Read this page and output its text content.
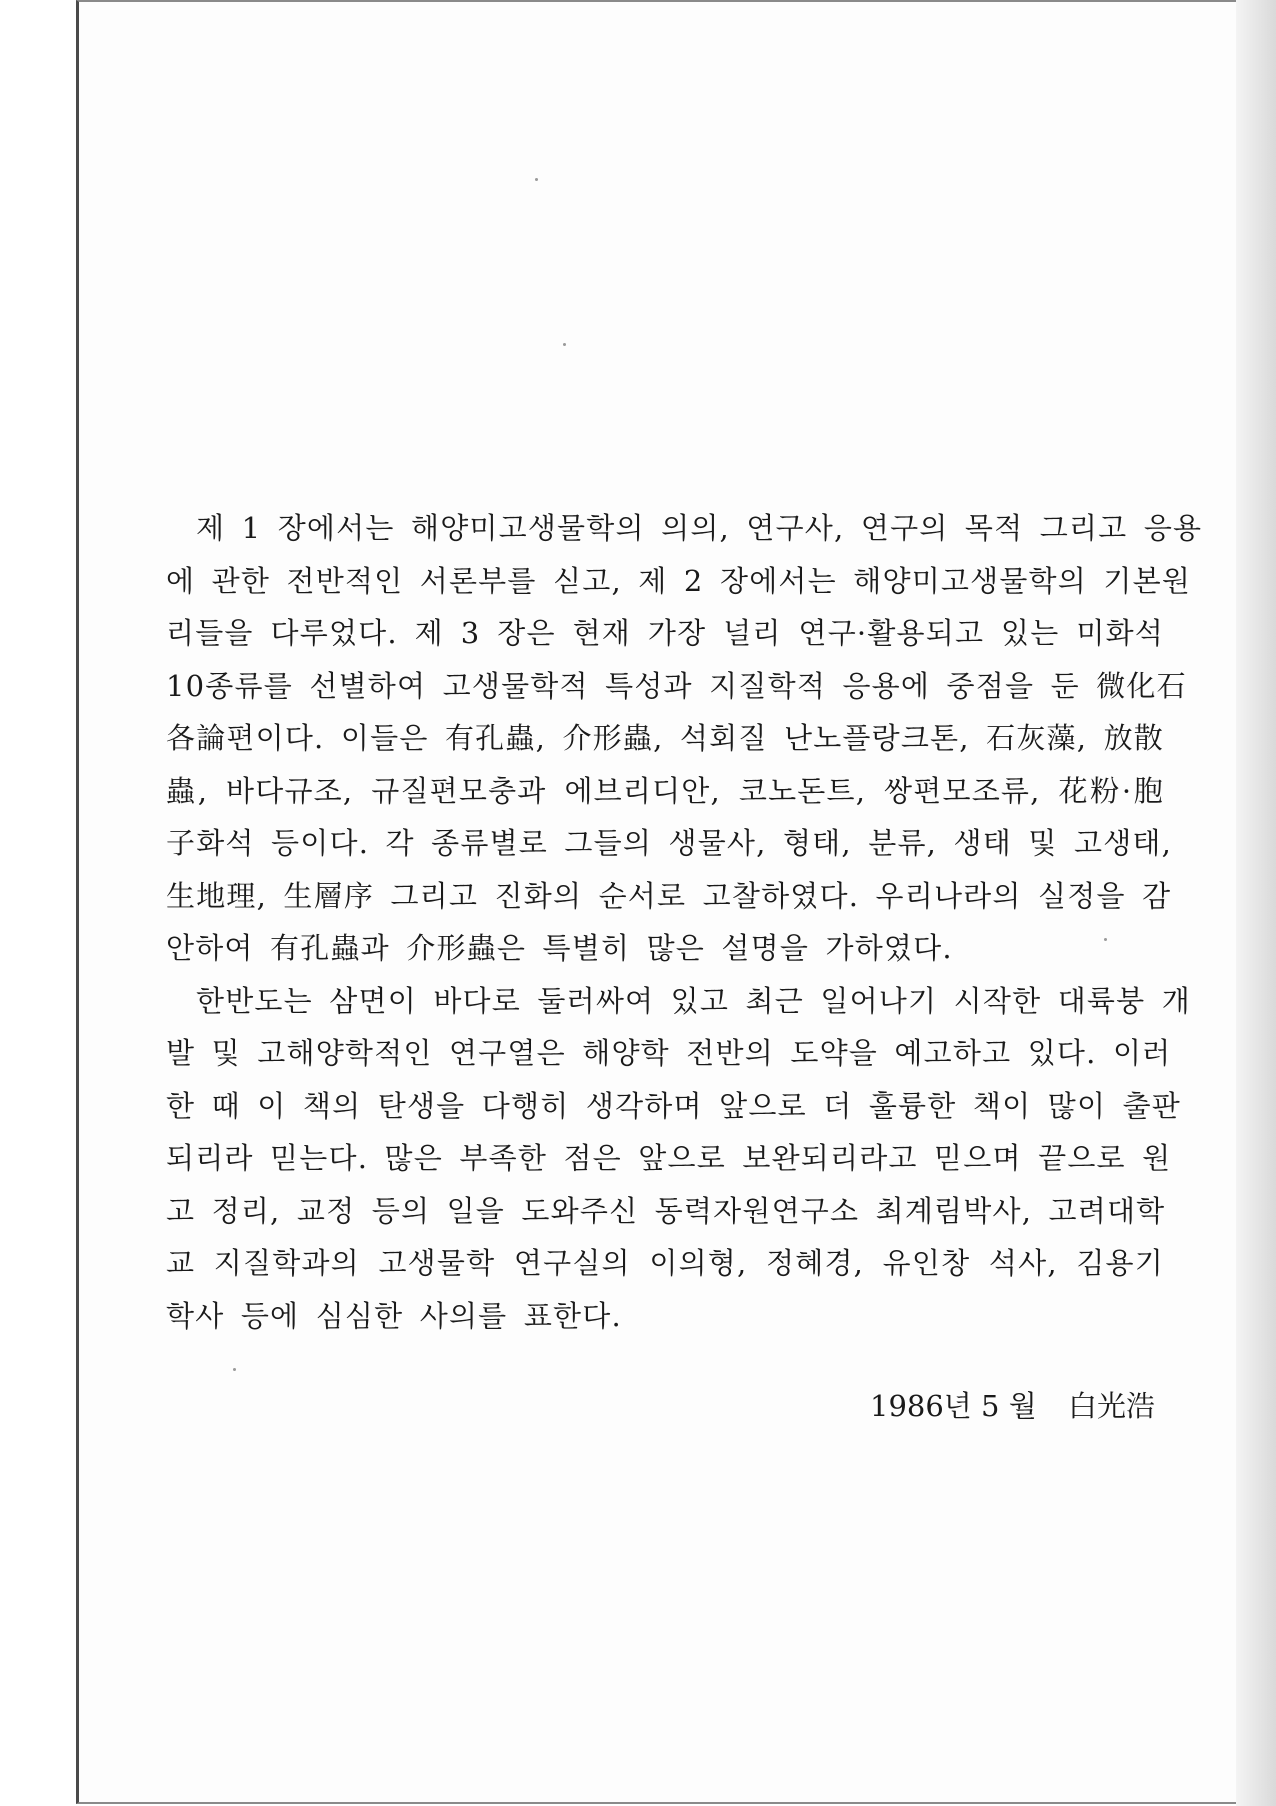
제 1 장에서는 해양미고생물학의 의의, 연구사, 연구의 목적 그리고 응용
에 관한 전반적인 서론부를 싣고, 제 2 장에서는 해양미고생물학의 기본원
리들을 다루었다. 제 3 장은 현재 가장 널리 연구·활용되고 있는 미화석
10종류를 선별하여 고생물학적 특성과 지질학적 응용에 중점을 둔 微化石
各論편이다. 이들은 有孔蟲, 介形蟲, 석회질 난노플랑크톤, 石灰藻, 放散
蟲, 바다규조, 규질편모충과 에브리디안, 코노돈트, 쌍편모조류, 花粉·胞
子화석 등이다. 각 종류별로 그들의 생물사, 형태, 분류, 생태 및 고생태,
生地理, 生層序 그리고 진화의 순서로 고찰하였다. 우리나라의 실정을 감
안하여 有孔蟲과 介形蟲은 특별히 많은 설명을 가하였다.
한반도는 삼면이 바다로 둘러싸여 있고 최근 일어나기 시작한 대륙붕 개
발 및 고해양학적인 연구열은 해양학 전반의 도약을 예고하고 있다. 이러
한 때 이 책의 탄생을 다행히 생각하며 앞으로 더 훌륭한 책이 많이 출판
되리라 믿는다. 많은 부족한 점은 앞으로 보완되리라고 믿으며 끝으로 원
고 정리, 교정 등의 일을 도와주신 동력자원연구소 최계림박사, 고려대학
교 지질학과의 고생물학 연구실의 이의형, 정혜경, 유인창 석사, 김용기
학사 등에 심심한 사의를 표한다.
1986년 5 월 白光浩
